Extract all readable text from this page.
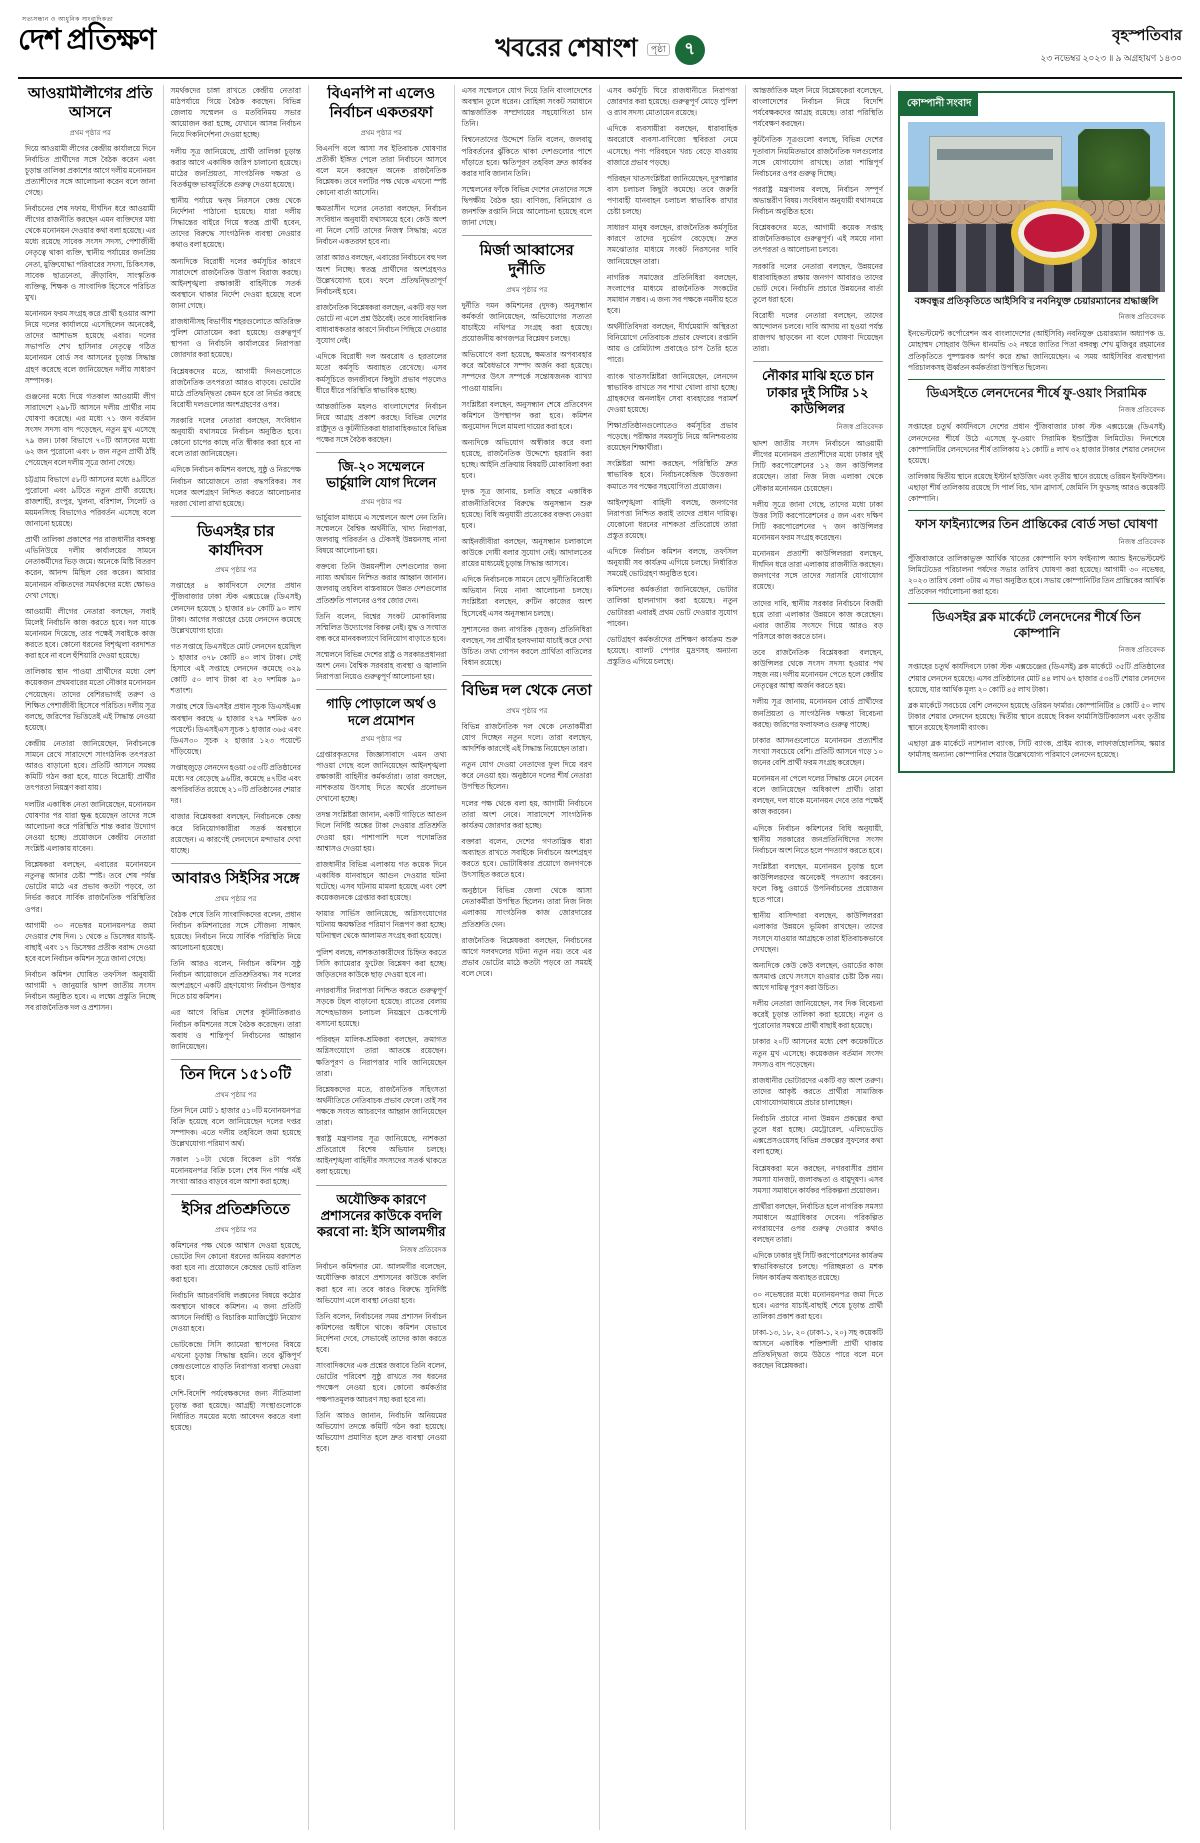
সত্যসন্ধান ও আধুনিক সাংবাদিকতা
দেশ প্রতিক্ষণ	খবরের শেষাংশ	পৃষ্ঠা	৭
বৃহস্পতিবার
২৩ নভেম্বর ২০২৩ ॥ ৯ অগ্রহায়ণ ১৪৩০
আওয়ামীলীগের প্রতি আসনে
প্রথম পৃষ্ঠার পর

দিয়ে আওয়ামী লীগের কেন্দ্রীয় কার্যালয়ে দিনে নির্বাচিত প্রার্থীদের সঙ্গে বৈঠক করেন এবং চূড়ান্ত তালিকা প্রকাশের আগে দলীয় মনোনয়ন প্রত্যাশীদের সঙ্গে আলোচনা করেন বলে জানা গেছে।

নির্বাচনের শেষ দফায়, দীর্ঘদিন ধরে আওয়ামী লীগের রাজনীতি করছেন এমন ব্যক্তিদের মধ্য থেকে মনোনয়ন দেওয়ার কথা বলা হয়েছে। এর মধ্যে রয়েছে সাবেক সংসদ সদস্য, পেশাজীবী নেতৃত্বে থাকা ব্যক্তি, স্থানীয় পর্যায়ের জনপ্রিয় নেতা, মুক্তিযোদ্ধা পরিবারের সদস্য, চিকিৎসক, সাবেক ছাত্রনেতা, ক্রীড়াবিদ, সাংস্কৃতিক ব্যক্তিত্ব, শিক্ষক ও সাংবাদিক হিসেবে পরিচিত মুখ।

মনোনয়ন ফরম সংগ্রহ করে প্রার্থী হওয়ার আশা নিয়ে দলের কার্যালয়ে এসেছিলেন অনেকেই, তাদের আশাভঙ্গ হয়েছে এবার। দলের সভাপতি শেখ হাসিনার নেতৃত্বে গঠিত মনোনয়ন বোর্ড সব আসনের চূড়ান্ত সিদ্ধান্ত গ্রহণ করেছে বলে জানিয়েছেন দলীয় সাধারণ সম্পাদক।

গুঞ্জনের মধ্যে দিয়ে গতকাল আওয়ামী লীগ সারাদেশে ২৯৮টি আসনে দলীয় প্রার্থীর নাম ঘোষণা করেছে। এর মধ্যে ৭১ জন বর্তমান সংসদ সদস্য বাদ পড়েছেন, নতুন মুখ এসেছে ৭৯ জন। ঢাকা বিভাগে ৭০টি আসনের মধ্যে ৬২ জন পুরোনো এবং ৮ জন নতুন প্রার্থী ঠাঁই পেয়েছেন বলে দলীয় সূত্রে জানা গেছে।

চট্টগ্রাম বিভাগে ৫৮টি আসনের মধ্যে ৪৯টিতে পুরোনো এবং ৯টিতে নতুন প্রার্থী রয়েছে। রাজশাহী, রংপুর, খুলনা, বরিশাল, সিলেট ও ময়মনসিংহ বিভাগেও পরিবর্তন এসেছে বলে জানানো হয়েছে।

প্রার্থী তালিকা প্রকাশের পর রাজধানীর বঙ্গবন্ধু এভিনিউয়ে দলীয় কার্যালয়ের সামনে নেতাকর্মীদের ভিড় জমে। অনেকে মিষ্টি বিতরণ করেন, আনন্দ মিছিল বের করেন। আবার মনোনয়ন বঞ্চিতদের সমর্থকদের মধ্যে ক্ষোভও দেখা গেছে।

আওয়ামী লীগের নেতারা বলছেন, সবাই মিলেই নির্বাচনি কাজ করতে হবে। দল যাকে মনোনয়ন দিয়েছে, তার পক্ষেই সবাইকে কাজ করতে হবে। কোনো ধরনের বিশৃঙ্খলা বরদাশত করা হবে না বলে হুঁশিয়ারি দেওয়া হয়েছে।

তালিকায় স্থান পাওয়া প্রার্থীদের মধ্যে বেশ কয়েকজন প্রথমবারের মতো নৌকার মনোনয়ন পেয়েছেন। তাদের বেশিরভাগই তরুণ ও শিক্ষিত পেশাজীবী হিসেবে পরিচিত। দলীয় সূত্র বলছে, জরিপের ভিত্তিতেই এই সিদ্ধান্ত নেওয়া হয়েছে।

কেন্দ্রীয় নেতারা জানিয়েছেন, নির্বাচনকে সামনে রেখে সারাদেশে সাংগঠনিক তৎপরতা আরও বাড়ানো হবে। প্রতিটি আসনে সমন্বয় কমিটি গঠন করা হবে, যাতে বিদ্রোহী প্রার্থীর তৎপরতা নিয়ন্ত্রণ করা যায়।

দলটির একাধিক নেতা জানিয়েছেন, মনোনয়ন ঘোষণার পর যারা ক্ষুব্ধ হয়েছেন তাদের সঙ্গে আলোচনা করে পরিস্থিতি শান্ত করার উদ্যোগ নেওয়া হচ্ছে। প্রয়োজনে কেন্দ্রীয় নেতারা সংশ্লিষ্ট এলাকায় যাবেন।

বিশ্লেষকরা বলছেন, এবারের মনোনয়নে নতুনত্ব আনার চেষ্টা স্পষ্ট। তবে শেষ পর্যন্ত ভোটের মাঠে এর প্রভাব কতটা পড়বে, তা নির্ভর করবে সার্বিক রাজনৈতিক পরিস্থিতির ওপর।

আগামী ৩০ নভেম্বর মনোনয়নপত্র জমা দেওয়ার শেষ দিন। ১ থেকে ৪ ডিসেম্বর যাচাই-বাছাই এবং ১৭ ডিসেম্বর প্রতীক বরাদ্দ দেওয়া হবে বলে নির্বাচন কমিশন সূত্রে জানা গেছে।

নির্বাচন কমিশন ঘোষিত তফসিল অনুযায়ী আগামী ৭ জানুয়ারি দ্বাদশ জাতীয় সংসদ নির্বাচন অনুষ্ঠিত হবে। এ লক্ষ্যে প্রস্তুতি নিচ্ছে সব রাজনৈতিক দল ও প্রশাসন।

সমর্থকদের চাঙ্গা রাখতে কেন্দ্রীয় নেতারা মাঠপর্যায়ে গিয়ে বৈঠক করছেন। বিভিন্ন জেলায় সম্মেলন ও মতবিনিময় সভার আয়োজন করা হচ্ছে, যেখানে আসন্ন নির্বাচন নিয়ে দিকনির্দেশনা দেওয়া হচ্ছে।

দলীয় সূত্র জানিয়েছে, প্রার্থী তালিকা চূড়ান্ত করার আগে একাধিক জরিপ চালানো হয়েছে। মাঠের জনপ্রিয়তা, সাংগঠনিক দক্ষতা ও বিতর্কমুক্ত ভাবমূর্তিকে গুরুত্ব দেওয়া হয়েছে।

স্থানীয় পর্যায়ে দ্বন্দ্ব নিরসনে কেন্দ্র থেকে নির্দেশনা পাঠানো হয়েছে। যারা দলীয় সিদ্ধান্তের বাইরে গিয়ে স্বতন্ত্র প্রার্থী হবেন, তাদের বিরুদ্ধে সাংগঠনিক ব্যবস্থা নেওয়ার কথাও বলা হয়েছে।

অন্যদিকে বিরোধী দলের কর্মসূচির কারণে সারাদেশে রাজনৈতিক উত্তাপ বিরাজ করছে। আইনশৃঙ্খলা রক্ষাকারী বাহিনীকে সতর্ক অবস্থানে থাকার নির্দেশ দেওয়া হয়েছে বলে জানা গেছে।

রাজধানীসহ বিভাগীয় শহরগুলোতে অতিরিক্ত পুলিশ মোতায়েন করা হয়েছে। গুরুত্বপূর্ণ স্থাপনা ও নির্বাচনি কার্যালয়ের নিরাপত্তা জোরদার করা হয়েছে।

বিশ্লেষকদের মতে, আগামী দিনগুলোতে রাজনৈতিক তৎপরতা আরও বাড়বে। ভোটের মাঠে প্রতিদ্বন্দ্বিতা কেমন হবে তা নির্ভর করছে বিরোধী দলগুলোর অংশগ্রহণের ওপর।

সরকারি দলের নেতারা বলছেন, সংবিধান অনুযায়ী যথাসময়ে নির্বাচন অনুষ্ঠিত হবে। কোনো চাপের কাছে নতি স্বীকার করা হবে না বলে তারা জানিয়েছেন।

এদিকে নির্বাচন কমিশন বলছে, সুষ্ঠু ও নিরপেক্ষ নির্বাচন আয়োজনে তারা বদ্ধপরিকর। সব দলের অংশগ্রহণ নিশ্চিত করতে আলোচনার দরজা খোলা রাখা হয়েছে।

ডিএসইর চার কার্যদিবস
প্রথম পৃষ্ঠার পর

সপ্তাহের ৪ কার্যদিবসে দেশের প্রধান পুঁজিবাজার ঢাকা স্টক এক্সচেঞ্জে (ডিএসই) লেনদেন হয়েছে ১ হাজার ৪৮ কোটি ৯০ লাখ টাকা। আগের সপ্তাহের চেয়ে লেনদেন কমেছে উল্লেখযোগ্য হারে।

গত সপ্তাহে ডিএসইতে মোট লেনদেন হয়েছিল ১ হাজার ৩৭৮ কোটি ৪০ লাখ টাকা। সেই হিসাবে এই সপ্তাহে লেনদেন কমেছে ৩২৯ কোটি ৫০ লাখ টাকা বা ২৩ দশমিক ৯০ শতাংশ।

সপ্তাহ শেষে ডিএসইর প্রধান সূচক ডিএসইএক্স অবস্থান করছে ৬ হাজার ২৭৯ দশমিক ৬৩ পয়েন্টে। ডিএসইএস সূচক ১ হাজার ৩৬৫ এবং ডিএস৩০ সূচক ২ হাজার ১২৩ পয়েন্টে দাঁড়িয়েছে।

সপ্তাহজুড়ে লেনদেন হওয়া ৩৫৩টি প্রতিষ্ঠানের মধ্যে দর বেড়েছে ৯৬টির, কমেছে ৪৭টির এবং অপরিবর্তিত রয়েছে ২১০টি প্রতিষ্ঠানের শেয়ার দর।

বাজার বিশ্লেষকরা বলছেন, নির্বাচনকে কেন্দ্র করে বিনিয়োগকারীরা সতর্ক অবস্থানে রয়েছেন। এ কারণেই লেনদেনে মন্দাভাব দেখা যাচ্ছে।

আবারও সিইসির সঙ্গে
প্রথম পৃষ্ঠার পর

বৈঠক শেষে তিনি সাংবাদিকদের বলেন, প্রধান নির্বাচন কমিশনারের সঙ্গে সৌজন্য সাক্ষাৎ হয়েছে। নির্বাচন নিয়ে সার্বিক পরিস্থিতি নিয়ে আলোচনা হয়েছে।

তিনি আরও বলেন, নির্বাচন কমিশন সুষ্ঠু নির্বাচন আয়োজনে প্রতিশ্রুতিবদ্ধ। সব দলের অংশগ্রহণে একটি গ্রহণযোগ্য নির্বাচন উপহার দিতে চায় কমিশন।

এর আগে বিভিন্ন দেশের কূটনীতিকরাও নির্বাচন কমিশনের সঙ্গে বৈঠক করেছেন। তারা অবাধ ও শান্তিপূর্ণ নির্বাচনের আহ্বান জানিয়েছেন।

তিন দিনে ১৫১০টি
প্রথম পৃষ্ঠার পর

তিন দিনে মোট ১ হাজার ৫১০টি মনোনয়নপত্র বিক্রি হয়েছে বলে জানিয়েছেন দলের দপ্তর সম্পাদক। এতে দলীয় তহবিলে জমা হয়েছে উল্লেখযোগ্য পরিমাণ অর্থ।

সকাল ১০টা থেকে বিকেল ৪টা পর্যন্ত মনোনয়নপত্র বিক্রি চলে। শেষ দিন পর্যন্ত এই সংখ্যা আরও বাড়বে বলে আশা করা হচ্ছে।

ইসির প্রতিশ্রুতিতে
প্রথম পৃষ্ঠার পর

কমিশনের পক্ষ থেকে আশ্বাস দেওয়া হয়েছে, ভোটের দিন কোনো ধরনের অনিয়ম বরদাশত করা হবে না। প্রয়োজনে কেন্দ্রের ভোট বাতিল করা হবে।

নির্বাচনি আচরণবিধি লঙ্ঘনের বিষয়ে কঠোর অবস্থানে থাকবে কমিশন। এ জন্য প্রতিটি আসনে নির্বাহী ও বিচারিক ম্যাজিস্ট্রেট নিয়োগ দেওয়া হবে।

ভোটকেন্দ্রে সিসি ক্যামেরা স্থাপনের বিষয়ে এখনো চূড়ান্ত সিদ্ধান্ত হয়নি। তবে ঝুঁকিপূর্ণ কেন্দ্রগুলোতে বাড়তি নিরাপত্তা ব্যবস্থা নেওয়া হবে।

দেশি-বিদেশি পর্যবেক্ষকদের জন্য নীতিমালা চূড়ান্ত করা হয়েছে। আগ্রহী সংস্থাগুলোকে নির্ধারিত সময়ের মধ্যে আবেদন করতে বলা হয়েছে।

বিএনপি না এলেও নির্বাচন একতরফা
প্রথম পৃষ্ঠার পর

বিএনপি বলে আসা সব ইতিবাচক ঘোষণার প্রতীকী ইঙ্গিত পেলে তারা নির্বাচনে আসবে বলে মনে করছেন অনেক রাজনৈতিক বিশ্লেষক। তবে দলটির পক্ষ থেকে এখনো স্পষ্ট কোনো বার্তা আসেনি।

ক্ষমতাসীন দলের নেতারা বলছেন, নির্বাচন সংবিধান অনুযায়ী যথাসময়ে হবে। কেউ অংশ না নিলে সেটি তাদের নিজস্ব সিদ্ধান্ত; এতে নির্বাচন একতরফা হবে না।

তারা আরও বলছেন, এবারের নির্বাচনে বহু দল অংশ নিচ্ছে। স্বতন্ত্র প্রার্থীদের অংশগ্রহণও উল্লেখযোগ্য হবে। ফলে প্রতিদ্বন্দ্বিতাপূর্ণ নির্বাচনই হবে।

রাজনৈতিক বিশ্লেষকরা বলছেন, একটি বড় দল ভোটে না এলে প্রশ্ন উঠবেই। তবে সাংবিধানিক বাধ্যবাধকতার কারণে নির্বাচন পিছিয়ে দেওয়ার সুযোগ নেই।

এদিকে বিরোধী দল অবরোধ ও হরতালের মতো কর্মসূচি অব্যাহত রেখেছে। এসব কর্মসূচিতে জনজীবনে কিছুটা প্রভাব পড়লেও ধীরে ধীরে পরিস্থিতি স্বাভাবিক হচ্ছে।

আন্তর্জাতিক মহলও বাংলাদেশের নির্বাচন নিয়ে আগ্রহ প্রকাশ করছে। বিভিন্ন দেশের রাষ্ট্রদূত ও কূটনীতিকরা ধারাবাহিকভাবে বিভিন্ন পক্ষের সঙ্গে বৈঠক করছেন।

জি-২০ সম্মেলনে ভার্চুয়ালি যোগ দিলেন
প্রথম পৃষ্ঠার পর

ভার্চুয়াল মাধ্যমে এ সম্মেলনে অংশ নেন তিনি। সম্মেলনে বৈশ্বিক অর্থনীতি, খাদ্য নিরাপত্তা, জলবায়ু পরিবর্তন ও টেকসই উন্নয়নসহ নানা বিষয়ে আলোচনা হয়।

বক্তব্যে তিনি উন্নয়নশীল দেশগুলোর জন্য ন্যায্য অর্থায়ন নিশ্চিত করার আহ্বান জানান। জলবায়ু তহবিল বাস্তবায়নে উন্নত দেশগুলোর প্রতিশ্রুতি পালনের ওপর জোর দেন।

তিনি বলেন, বিশ্বের সংকট মোকাবিলায় সম্মিলিত উদ্যোগের বিকল্প নেই। যুদ্ধ ও সংঘাত বন্ধ করে মানবকল্যাণে বিনিয়োগ বাড়াতে হবে।

সম্মেলনে বিভিন্ন দেশের রাষ্ট্র ও সরকারপ্রধানরা অংশ নেন। বৈশ্বিক সরবরাহ ব্যবস্থা ও জ্বালানি নিরাপত্তা নিয়েও গুরুত্বপূর্ণ আলোচনা হয়।

গাড়ি পোড়ালে অর্থ ও দলে প্রমোশন
প্রথম পৃষ্ঠার পর

গ্রেপ্তারকৃতদের জিজ্ঞাসাবাদে এমন তথ্য পাওয়া গেছে বলে জানিয়েছেন আইনশৃঙ্খলা রক্ষাকারী বাহিনীর কর্মকর্তারা। তারা বলছেন, নাশকতায় উৎসাহ দিতে অর্থের প্রলোভন দেখানো হচ্ছে।

তদন্ত সংশ্লিষ্টরা জানান, একটি গাড়িতে আগুন দিলে নির্দিষ্ট অঙ্কের টাকা দেওয়ার প্রতিশ্রুতি দেওয়া হয়। পাশাপাশি দলে পদোন্নতির আশ্বাসও দেওয়া হয়।

রাজধানীর বিভিন্ন এলাকায় গত কয়েক দিনে একাধিক যানবাহনে আগুন দেওয়ার ঘটনা ঘটেছে। এসব ঘটনায় মামলা হয়েছে এবং বেশ কয়েকজনকে গ্রেপ্তার করা হয়েছে।

ফায়ার সার্ভিস জানিয়েছে, অগ্নিসংযোগের ঘটনায় ক্ষয়ক্ষতির পরিমাণ নিরূপণ করা হচ্ছে। ঘটনাস্থল থেকে আলামত সংগ্রহ করা হয়েছে।

পুলিশ বলছে, নাশকতাকারীদের চিহ্নিত করতে সিসি ক্যামেরার ফুটেজ বিশ্লেষণ করা হচ্ছে। জড়িতদের কাউকে ছাড় দেওয়া হবে না।

নগরবাসীর নিরাপত্তা নিশ্চিত করতে গুরুত্বপূর্ণ সড়কে টহল বাড়ানো হয়েছে। রাতের বেলায় সন্দেহভাজন চলাচল নিয়ন্ত্রণে চেকপোস্ট বসানো হয়েছে।

পরিবহন মালিক-শ্রমিকরা বলছেন, ক্রমাগত অগ্নিসংযোগে তারা আতঙ্কে রয়েছেন। ক্ষতিপূরণ ও নিরাপত্তার দাবি জানিয়েছেন তারা।

বিশ্লেষকদের মতে, রাজনৈতিক সহিংসতা অর্থনীতিতে নেতিবাচক প্রভাব ফেলে। তাই সব পক্ষকে সংযত আচরণের আহ্বান জানিয়েছেন তারা।

স্বরাষ্ট্র মন্ত্রণালয় সূত্র জানিয়েছে, নাশকতা প্রতিরোধে বিশেষ অভিযান চলছে। আইনশৃঙ্খলা বাহিনীর সদস্যদের সতর্ক থাকতে বলা হয়েছে।

অযৌক্তিক কারণে প্রশাসনের কাউকে বদলি করবো না: ইসি আলমগীর
নিজস্ব প্রতিবেদক

নির্বাচন কমিশনার মো. আলমগীর বলেছেন, অযৌক্তিক কারণে প্রশাসনের কাউকে বদলি করা হবে না। তবে কারও বিরুদ্ধে সুনির্দিষ্ট অভিযোগ এলে ব্যবস্থা নেওয়া হবে।

তিনি বলেন, নির্বাচনের সময় প্রশাসন নির্বাচন কমিশনের অধীনে থাকে। কমিশন যেভাবে নির্দেশনা দেবে, সেভাবেই তাদের কাজ করতে হবে।

সাংবাদিকদের এক প্রশ্নের জবাবে তিনি বলেন, ভোটের পরিবেশ সুষ্ঠু রাখতে সব ধরনের পদক্ষেপ নেওয়া হবে। কোনো কর্মকর্তার পক্ষপাতমূলক আচরণ সহ্য করা হবে না।

তিনি আরও জানান, নির্বাচনি অনিয়মের অভিযোগ তদন্তে কমিটি গঠন করা হয়েছে। অভিযোগ প্রমাণিত হলে দ্রুত ব্যবস্থা নেওয়া হবে।

এসব সম্মেলনে যোগ দিয়ে তিনি বাংলাদেশের অবস্থান তুলে ধরেন। রোহিঙ্গা সংকট সমাধানে আন্তর্জাতিক সম্প্রদায়ের সহযোগিতা চান তিনি।

বিশ্বনেতাদের উদ্দেশে তিনি বলেন, জলবায়ু পরিবর্তনের ঝুঁকিতে থাকা দেশগুলোর পাশে দাঁড়াতে হবে। ক্ষতিপূরণ তহবিল দ্রুত কার্যকর করার দাবি জানান তিনি।

সম্মেলনের ফাঁকে বিভিন্ন দেশের নেতাদের সঙ্গে দ্বিপক্ষীয় বৈঠক হয়। বাণিজ্য, বিনিয়োগ ও জনশক্তি রপ্তানি নিয়ে আলোচনা হয়েছে বলে জানা গেছে।

মির্জা আব্বাসের দুর্নীতি
প্রথম পৃষ্ঠার পর

দুর্নীতি দমন কমিশনের (দুদক) অনুসন্ধান কর্মকর্তা জানিয়েছেন, অভিযোগের সত্যতা যাচাইয়ে নথিপত্র সংগ্রহ করা হয়েছে। প্রয়োজনীয় কাগজপত্র বিশ্লেষণ চলছে।

অভিযোগে বলা হয়েছে, ক্ষমতার অপব্যবহার করে অবৈধভাবে সম্পদ অর্জন করা হয়েছে। সম্পদের উৎস সম্পর্কে সন্তোষজনক ব্যাখ্যা পাওয়া যায়নি।

সংশ্লিষ্টরা বলছেন, অনুসন্ধান শেষে প্রতিবেদন কমিশনে উপস্থাপন করা হবে। কমিশন অনুমোদন দিলে মামলা দায়ের করা হবে।

অন্যদিকে অভিযোগ অস্বীকার করে বলা হয়েছে, রাজনৈতিক উদ্দেশ্যে হয়রানি করা হচ্ছে। আইনি প্রক্রিয়ায় বিষয়টি মোকাবিলা করা হবে।

দুদক সূত্র জানায়, চলতি বছরে একাধিক রাজনীতিবিদের বিরুদ্ধে অনুসন্ধান শুরু হয়েছে। বিধি অনুযায়ী প্রত্যেকের বক্তব্য নেওয়া হবে।

আইনজীবীরা বলছেন, অনুসন্ধান চলাকালে কাউকে দোষী বলার সুযোগ নেই। আদালতের রায়ের মাধ্যমেই চূড়ান্ত সিদ্ধান্ত আসবে।

এদিকে নির্বাচনকে সামনে রেখে দুর্নীতিবিরোধী অভিযান নিয়ে নানা আলোচনা চলছে। সংশ্লিষ্টরা বলছেন, রুটিন কাজের অংশ হিসেবেই এসব অনুসন্ধান চলছে।

সুশাসনের জন্য নাগরিক (সুজন) প্রতিনিধিরা বলছেন, সব প্রার্থীর হলফনামা যাচাই করে দেখা উচিত। তথ্য গোপন করলে প্রার্থিতা বাতিলের বিধান রয়েছে।

বিভিন্ন দল থেকে নেতা
প্রথম পৃষ্ঠার পর

বিভিন্ন রাজনৈতিক দল থেকে নেতাকর্মীরা যোগ দিচ্ছেন নতুন দলে। তারা বলছেন, আদর্শিক কারণেই এই সিদ্ধান্ত নিয়েছেন তারা।

নতুন যোগ দেওয়া নেতাদের ফুল দিয়ে বরণ করে নেওয়া হয়। অনুষ্ঠানে দলের শীর্ষ নেতারা উপস্থিত ছিলেন।

দলের পক্ষ থেকে বলা হয়, আগামী নির্বাচনে তারা অংশ নেবে। সারাদেশে সাংগঠনিক কার্যক্রম জোরদার করা হচ্ছে।

বক্তারা বলেন, দেশের গণতান্ত্রিক ধারা অব্যাহত রাখতে সবাইকে নির্বাচনে অংশগ্রহণ করতে হবে। ভোটাধিকার প্রয়োগে জনগণকে উৎসাহিত করতে হবে।

অনুষ্ঠানে বিভিন্ন জেলা থেকে আসা নেতাকর্মীরা উপস্থিত ছিলেন। তারা নিজ নিজ এলাকায় সাংগঠনিক কাজ জোরদারের প্রতিশ্রুতি দেন।

রাজনৈতিক বিশ্লেষকরা বলছেন, নির্বাচনের আগে দলবদলের ঘটনা নতুন নয়। তবে এর প্রভাব ভোটের মাঠে কতটা পড়বে তা সময়ই বলে দেবে।

এসব কর্মসূচি ঘিরে রাজধানীতে নিরাপত্তা জোরদার করা হয়েছে। গুরুত্বপূর্ণ মোড়ে পুলিশ ও র‍্যাব সদস্য মোতায়েন রয়েছে।

এদিকে ব্যবসায়ীরা বলছেন, ধারাবাহিক অবরোধে ব্যবসা-বাণিজ্যে স্থবিরতা নেমে এসেছে। পণ্য পরিবহনে খরচ বেড়ে যাওয়ায় বাজারে প্রভাব পড়ছে।

পরিবহন খাতসংশ্লিষ্টরা জানিয়েছেন, দূরপাল্লার বাস চলাচল কিছুটা কমেছে। তবে জরুরি পণ্যবাহী যানবাহন চলাচল স্বাভাবিক রাখার চেষ্টা চলছে।

সাধারণ মানুষ বলছেন, রাজনৈতিক কর্মসূচির কারণে তাদের দুর্ভোগ বেড়েছে। দ্রুত সমঝোতার মাধ্যমে সংকট নিরসনের দাবি জানিয়েছেন তারা।

নাগরিক সমাজের প্রতিনিধিরা বলছেন, সংলাপের মাধ্যমে রাজনৈতিক সংকটের সমাধান সম্ভব। এ জন্য সব পক্ষকে নমনীয় হতে হবে।

অর্থনীতিবিদরা বলছেন, দীর্ঘমেয়াদি অস্থিরতা বিনিয়োগে নেতিবাচক প্রভাব ফেলবে। রপ্তানি আয় ও রেমিট্যান্স প্রবাহেও চাপ তৈরি হতে পারে।

ব্যাংক খাতসংশ্লিষ্টরা জানিয়েছেন, লেনদেন স্বাভাবিক রাখতে সব শাখা খোলা রাখা হচ্ছে। গ্রাহকদের অনলাইন সেবা ব্যবহারের পরামর্শ দেওয়া হয়েছে।

শিক্ষাপ্রতিষ্ঠানগুলোতেও কর্মসূচির প্রভাব পড়েছে। পরীক্ষার সময়সূচি নিয়ে অনিশ্চয়তায় রয়েছেন শিক্ষার্থীরা।

সংশ্লিষ্টরা আশা করছেন, পরিস্থিতি দ্রুত স্বাভাবিক হবে। নির্বাচনকেন্দ্রিক উত্তেজনা কমাতে সব পক্ষের সহযোগিতা প্রয়োজন।

আইনশৃঙ্খলা বাহিনী বলছে, জনগণের নিরাপত্তা নিশ্চিত করাই তাদের প্রধান দায়িত্ব। যেকোনো ধরনের নাশকতা প্রতিরোধে তারা প্রস্তুত রয়েছে।

এদিকে নির্বাচন কমিশন বলছে, তফসিল অনুযায়ী সব কার্যক্রম এগিয়ে চলছে। নির্ধারিত সময়েই ভোটগ্রহণ অনুষ্ঠিত হবে।

কমিশনের কর্মকর্তারা জানিয়েছেন, ভোটার তালিকা হালনাগাদ করা হয়েছে। নতুন ভোটাররা এবারই প্রথম ভোট দেওয়ার সুযোগ পাবেন।

ভোটগ্রহণ কর্মকর্তাদের প্রশিক্ষণ কার্যক্রম শুরু হয়েছে। ব্যালট পেপার মুদ্রণসহ অন্যান্য প্রস্তুতিও এগিয়ে চলছে।

আন্তর্জাতিক মহল নিয়ে বিশ্লেষকেরা বলেছেন, বাংলাদেশের নির্বাচন নিয়ে বিদেশি পর্যবেক্ষকদের আগ্রহ রয়েছে। তারা পরিস্থিতি পর্যবেক্ষণ করছেন।

কূটনৈতিক সূত্রগুলো বলছে, বিভিন্ন দেশের দূতাবাস নিয়মিতভাবে রাজনৈতিক দলগুলোর সঙ্গে যোগাযোগ রাখছে। তারা শান্তিপূর্ণ নির্বাচনের ওপর গুরুত্ব দিচ্ছে।

পররাষ্ট্র মন্ত্রণালয় বলছে, নির্বাচন সম্পূর্ণ অভ্যন্তরীণ বিষয়। সংবিধান অনুযায়ী যথাসময়ে নির্বাচন অনুষ্ঠিত হবে।

বিশ্লেষকদের মতে, আগামী কয়েক সপ্তাহ রাজনৈতিকভাবে গুরুত্বপূর্ণ। এই সময়ে নানা তৎপরতা ও আলোচনা চলবে।

সরকারি দলের নেতারা বলছেন, উন্নয়নের ধারাবাহিকতা রক্ষায় জনগণ আবারও তাদের ভোট দেবে। নির্বাচনি প্রচারে উন্নয়নের বার্তা তুলে ধরা হবে।

বিরোধী দলের নেতারা বলছেন, তাদের আন্দোলন চলবে। দাবি আদায় না হওয়া পর্যন্ত রাজপথ ছাড়বেন না বলে ঘোষণা দিয়েছেন তারা।

নৌকার মাঝি হতে চান ঢাকার দুই সিটির ১২ কাউন্সিলর
নিজস্ব প্রতিবেদক

দ্বাদশ জাতীয় সংসদ নির্বাচনে আওয়ামী লীগের মনোনয়ন প্রত্যাশীদের মধ্যে ঢাকার দুই সিটি করপোরেশনের ১২ জন কাউন্সিলর রয়েছেন। তারা নিজ নিজ এলাকা থেকে নৌকার মনোনয়ন চেয়েছেন।

দলীয় সূত্রে জানা গেছে, তাদের মধ্যে ঢাকা উত্তর সিটি করপোরেশনের ৫ জন এবং দক্ষিণ সিটি করপোরেশনের ৭ জন কাউন্সিলর মনোনয়ন ফরম সংগ্রহ করেছেন।

মনোনয়ন প্রত্যাশী কাউন্সিলররা বলছেন, দীর্ঘদিন ধরে তারা এলাকায় রাজনীতি করছেন। জনগণের সঙ্গে তাদের সরাসরি যোগাযোগ রয়েছে।

তাদের দাবি, স্থানীয় সরকার নির্বাচনে বিজয়ী হয়ে তারা এলাকার উন্নয়নে কাজ করেছেন। এবার জাতীয় সংসদে গিয়ে আরও বড় পরিসরে কাজ করতে চান।

তবে রাজনৈতিক বিশ্লেষকরা বলছেন, কাউন্সিলর থেকে সংসদ সদস্য হওয়ার পথ সহজ নয়। দলীয় মনোনয়ন পেতে হলে কেন্দ্রীয় নেতৃত্বের আস্থা অর্জন করতে হয়।

দলীয় সূত্র জানায়, মনোনয়ন বোর্ড প্রার্থীদের জনপ্রিয়তা ও সাংগঠনিক দক্ষতা বিবেচনা করছে। জরিপের ফলাফলও গুরুত্ব পাচ্ছে।

ঢাকার আসনগুলোতে মনোনয়ন প্রত্যাশীর সংখ্যা সবচেয়ে বেশি। প্রতিটি আসনে গড়ে ১০ জনের বেশি প্রার্থী ফরম সংগ্রহ করেছেন।

মনোনয়ন না পেলে দলের সিদ্ধান্ত মেনে নেবেন বলে জানিয়েছেন অধিকাংশ প্রার্থী। তারা বলছেন, দল যাকে মনোনয়ন দেবে তার পক্ষেই কাজ করবেন।

এদিকে নির্বাচন কমিশনের বিধি অনুযায়ী, স্থানীয় সরকারের জনপ্রতিনিধিদের সংসদ নির্বাচনে অংশ নিতে হলে পদত্যাগ করতে হবে।

সংশ্লিষ্টরা বলছেন, মনোনয়ন চূড়ান্ত হলে কাউন্সিলরদের অনেকেই পদত্যাগ করবেন। ফলে কিছু ওয়ার্ডে উপনির্বাচনের প্রয়োজন হতে পারে।

স্থানীয় বাসিন্দারা বলছেন, কাউন্সিলররা এলাকার উন্নয়নে ভূমিকা রাখছেন। তাদের সংসদে যাওয়ার আগ্রহকে তারা ইতিবাচকভাবে দেখছেন।

অন্যদিকে কেউ কেউ বলছেন, ওয়ার্ডের কাজ অসমাপ্ত রেখে সংসদে যাওয়ার চেষ্টা ঠিক নয়। আগে দায়িত্ব পূরণ করা উচিত।

দলীয় নেতারা জানিয়েছেন, সব দিক বিবেচনা করেই চূড়ান্ত তালিকা করা হয়েছে। নতুন ও পুরোনোর সমন্বয়ে প্রার্থী বাছাই করা হয়েছে।

ঢাকার ২০টি আসনের মধ্যে বেশ কয়েকটিতে নতুন মুখ এসেছে। কয়েকজন বর্তমান সংসদ সদস্যও বাদ পড়েছেন।

রাজধানীর ভোটারদের একটি বড় অংশ তরুণ। তাদের আকৃষ্ট করতে প্রার্থীরা সামাজিক যোগাযোগমাধ্যমে প্রচার চালাচ্ছেন।

নির্বাচনি প্রচারে নানা উন্নয়ন প্রকল্পের কথা তুলে ধরা হচ্ছে। মেট্রোরেল, এলিভেটেড এক্সপ্রেসওয়েসহ বিভিন্ন প্রকল্পের সুফলের কথা বলা হচ্ছে।

বিশ্লেষকরা মনে করছেন, নগরবাসীর প্রধান সমস্যা যানজট, জলাবদ্ধতা ও বায়ুদূষণ। এসব সমস্যা সমাধানে কার্যকর পরিকল্পনা প্রয়োজন।

প্রার্থীরা বলছেন, নির্বাচিত হলে নাগরিক সমস্যা সমাধানে অগ্রাধিকার দেবেন। পরিকল্পিত নগরায়ণের ওপর গুরুত্ব দেওয়ার কথাও বলছেন তারা।

এদিকে ঢাকার দুই সিটি করপোরেশনের কার্যক্রম স্বাভাবিকভাবে চলছে। পরিচ্ছন্নতা ও মশক নিধন কার্যক্রম অব্যাহত রয়েছে।

৩০ নভেম্বরের মধ্যে মনোনয়নপত্র জমা দিতে হবে। এরপর যাচাই-বাছাই শেষে চূড়ান্ত প্রার্থী তালিকা প্রকাশ করা হবে।

ঢাকা-১৩, ১৮, ২০ (ঢাকা-১, ২০) সহ কয়েকটি আসনে একাধিক শক্তিশালী প্রার্থী থাকায় প্রতিদ্বন্দ্বিতা জমে উঠতে পারে বলে মনে করছেন বিশ্লেষকরা।

কোম্পানী সংবাদ
বঙ্গবন্ধুর প্রতিকৃতিতে আইসিবি'র নবনিযুক্ত চেয়ারম্যানের শ্রদ্ধাঞ্জলি
নিজস্ব প্রতিবেদক

ইনভেস্টমেন্ট কর্পোরেশন অব বাংলাদেশের (আইসিবি) নবনিযুক্ত চেয়ারম্যান অধ্যাপক ড. মোহাম্মদ সোহরাব উদ্দিন ধানমন্ডি ৩২ নম্বরে জাতির পিতা বঙ্গবন্ধু শেখ মুজিবুর রহমানের প্রতিকৃতিতে পুষ্পস্তবক অর্পণ করে শ্রদ্ধা জানিয়েছেন। এ সময় আইসিবির ব্যবস্থাপনা পরিচালকসহ ঊর্ধ্বতন কর্মকর্তারা উপস্থিত ছিলেন।

ডিএসইতে লেনদেনের শীর্ষে ফু-ওয়াং সিরামিক
নিজস্ব প্রতিবেদক

সপ্তাহের চতুর্থ কার্যদিবসে দেশের প্রধান পুঁজিবাজার ঢাকা স্টক এক্সচেঞ্জে (ডিএসই) লেনদেনের শীর্ষে উঠে এসেছে ফু-ওয়াং সিরামিক ইন্ডাস্ট্রিজ লিমিটেড। দিনশেষে কোম্পানিটির লেনদেনের শীর্ষ তালিকায় ২১ কোটি ৪ লাখ ৩২ হাজার টাকার শেয়ার লেনদেন হয়েছে।

তালিকায় দ্বিতীয় স্থানে রয়েছে ইস্টার্ন হাউজিং এবং তৃতীয় স্থানে রয়েছে ওরিয়ন ইনফিউশন। এছাড়া শীর্ষ তালিকায় রয়েছে সি পার্ল বিচ, খান ব্রাদার্স, জেমিনি সি ফুডসহ আরও কয়েকটি কোম্পানি।

ফাস ফাইন্যান্সের তিন প্রান্তিকের বোর্ড সভা ঘোষণা
নিজস্ব প্রতিবেদক

পুঁজিবাজারে তালিকাভুক্ত আর্থিক খাতের কোম্পানি ফাস ফাইন্যান্স অ্যান্ড ইনভেস্টমেন্ট লিমিটেডের পরিচালনা পর্ষদের সভার তারিখ ঘোষণা করা হয়েছে। আগামী ৩০ নভেম্বর, ২০২৩ তারিখ বেলা ৩টায় এ সভা অনুষ্ঠিত হবে। সভায় কোম্পানিটির তিন প্রান্তিকের আর্থিক প্রতিবেদন পর্যালোচনা করা হবে।

ডিএসইর ব্লক মার্কেটে লেনদেনের শীর্ষে তিন কোম্পানি
নিজস্ব প্রতিবেদক

সপ্তাহের চতুর্থ কার্যদিবসে ঢাকা স্টক এক্সচেঞ্জের (ডিএসই) ব্লক মার্কেটে ৩৫টি প্রতিষ্ঠানের শেয়ার লেনদেন হয়েছে। এসব প্রতিষ্ঠানের মোট ৪৪ লাখ ৬৭ হাজার ৫৩৪টি শেয়ার লেনদেন হয়েছে, যার আর্থিক মূল্য ২০ কোটি ৪৫ লাখ টাকা।

ব্লক মার্কেটে সবচেয়ে বেশি লেনদেন হয়েছে ওরিয়ন ফার্মার। কোম্পানিটির ৪ কোটি ৫০ লাখ টাকার শেয়ার লেনদেন হয়েছে। দ্বিতীয় স্থানে রয়েছে বিকন ফার্মাসিউটিক্যালস এবং তৃতীয় স্থানে রয়েছে ইসলামী ব্যাংক।

এছাড়া ব্লক মার্কেটে ন্যাশনাল ব্যাংক, সিটি ব্যাংক, প্রাইম ব্যাংক, লাফার্জহোলসিম, স্কয়ার ফার্মাসহ অন্যান্য কোম্পানির শেয়ার উল্লেখযোগ্য পরিমাণে লেনদেন হয়েছে।
